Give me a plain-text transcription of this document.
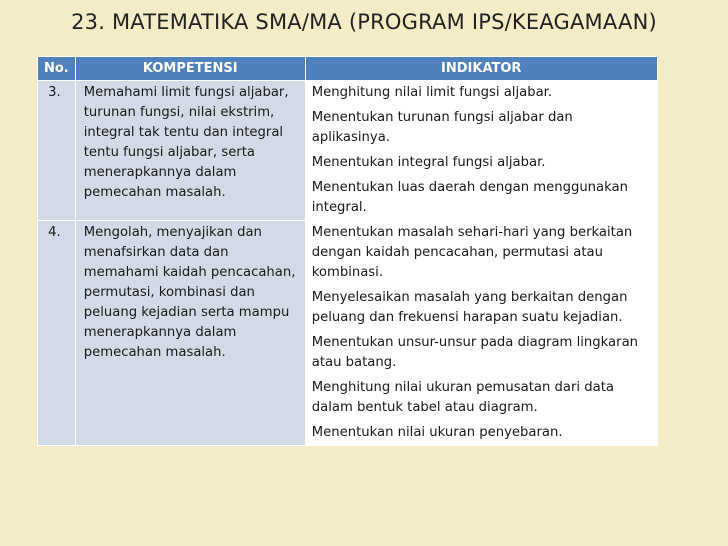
23. MATEMATIKA SMA/MA (PROGRAM IPS/KEAGAMAAN)
No.	KOMPETENSI	INDIKATOR
3.	Memahami limit fungsi aljabar, turunan fungsi, nilai ekstrim, integral tak tentu dan integral tentu fungsi aljabar, serta menerapkannya dalam pemecahan masalah.	Menghitung nilai limit fungsi aljabar.
		Menentukan turunan fungsi aljabar dan aplikasinya.
		Menentukan integral fungsi aljabar.
		Menentukan luas daerah dengan menggunakan integral.
4.	Mengolah, menyajikan dan menafsirkan data dan memahami kaidah pencacahan, permutasi, kombinasi dan peluang kejadian serta mampu menerapkannya dalam pemecahan masalah.	Menentukan masalah sehari-hari yang berkaitan dengan kaidah pencacahan, permutasi atau kombinasi.
		Menyelesaikan masalah yang berkaitan dengan peluang dan frekuensi harapan suatu kejadian.
		Menentukan unsur-unsur pada diagram lingkaran atau batang.
		Menghitung nilai ukuran pemusatan dari data dalam bentuk tabel atau diagram.
		Menentukan nilai ukuran penyebaran.
